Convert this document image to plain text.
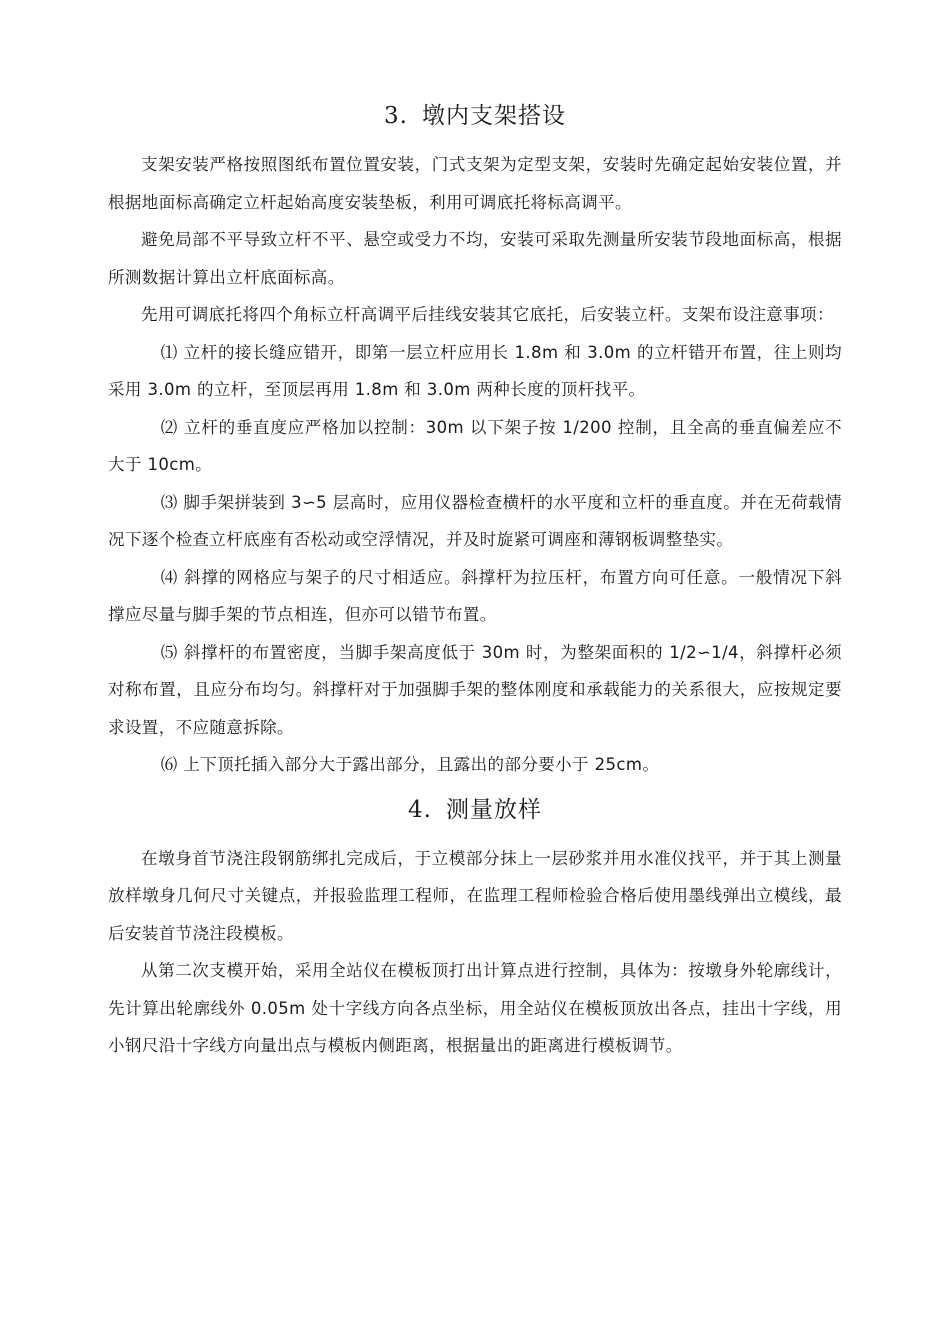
3. 墩内支架搭设

支架安装严格按照图纸布置位置安装，门式支架为定型支架，安装时先确定起始安装位置，并根据地面标高确定立杆起始高度安装垫板，利用可调底托将标高调平。

避免局部不平导致立杆不平、悬空或受力不均，安装可采取先测量所安装节段地面标高，根据所测数据计算出立杆底面标高。

先用可调底托将四个角标立杆高调平后挂线安装其它底托，后安装立杆。支架布设注意事项：

⑴ 立杆的接长缝应错开，即第一层立杆应用长 1.8m 和 3.0m 的立杆错开布置，往上则均采用 3.0m 的立杆，至顶层再用 1.8m 和 3.0m 两种长度的顶杆找平。

⑵ 立杆的垂直度应严格加以控制：30m 以下架子按 1/200 控制，且全高的垂直偏差应不大于 10cm。

⑶ 脚手架拼装到 3∽5 层高时，应用仪器检查横杆的水平度和立杆的垂直度。并在无荷载情况下逐个检查立杆底座有否松动或空浮情况，并及时旋紧可调座和薄钢板调整垫实。

⑷ 斜撑的网格应与架子的尺寸相适应。斜撑杆为拉压杆，布置方向可任意。一般情况下斜撑应尽量与脚手架的节点相连，但亦可以错节布置。

⑸ 斜撑杆的布置密度，当脚手架高度低于 30m 时，为整架面积的 1/2∽1/4，斜撑杆必须对称布置，且应分布均匀。斜撑杆对于加强脚手架的整体刚度和承载能力的关系很大，应按规定要求设置，不应随意拆除。

⑹ 上下顶托插入部分大于露出部分，且露出的部分要小于 25cm。

4. 测量放样

在墩身首节浇注段钢筋绑扎完成后，于立模部分抹上一层砂浆并用水准仪找平，并于其上测量放样墩身几何尺寸关键点，并报验监理工程师，在监理工程师检验合格后使用墨线弹出立模线，最后安装首节浇注段模板。

从第二次支模开始，采用全站仪在模板顶打出计算点进行控制，具体为：按墩身外轮廓线计，先计算出轮廓线外 0.05m 处十字线方向各点坐标，用全站仪在模板顶放出各点，挂出十字线，用小钢尺沿十字线方向量出点与模板内侧距离，根据量出的距离进行模板调节。
